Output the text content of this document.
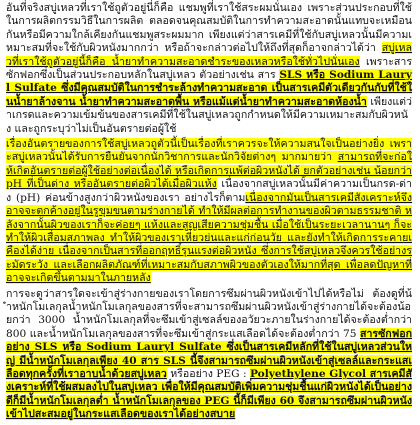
อันที่จริงสบู่เหลวที่เราใช้ถูตัวอยู่นี่ก็คือ แชมพูที่เราใช้สระผมนั่นเอง เพราะส่วนประกอบที่ใช้ในการผลิตกรรมวิธีในการผลิต ตลอดจนคุณสมบัติในการทำความสะอาดนั้นแทบจะเหมือนกันหรือมีความใกล้เคียงกันแชมพูสระผมมาก เพียงแต่ว่าสารเคมีที่ใช้กับสบู่เหลวนั้นมีความเหมาะสมที่จะใช้กับผิวหนังมากกว่า หรือถ้าจะกล่าวต่อไปให้ถึงที่สุดก็อาจกล่าวได้ว่า สบู่เหลวที่เราใช้ถูตัวอยู่นี้ก็คือ น้ำยาทำความสะอาดชำระของเหลวหรือใช้ทั่วไปนั่นเอง เพราะสารซักฟอกซึ่งเป็นส่วนประกอบหลักในสบู่เหลว ตัวอย่างเช่น สาร SLS หรือ Sodium Lauryl Sulfate ซึ่งมีคุณสมบัติในการชำระล้างทำความสะอาด เป็นสารเคมีตัวเดียวกันกับที่ใช้ในน้ำยาล้างจาน น้ำยาทำความสะอาดพื้น หรือแม้แต่น้ำยาทำความสะอาดห้องน้ำ เพียงแต่ว่าเกรดและความเข้มข้นของสารเคมีที่ใช้ในสบู่เหลวถูกกำหนดให้มีความเหมาะสมกับผิวหนัง และถูกระบุว่าไม่เป็นอันตรายต่อผู้ใช้

เรื่องอันตรายของการใช้สบู่เหลวถูตัวนี้เป็นเรื่องที่เราควรจะให้ความสนใจเป็นอย่างยิ่ง เพราะสบู่เหลวนั้นได้รับการยืนยันจากนักวิชาการและนักวิจัยต่างๆ มากมายว่า สามารถที่จะก่อให้เกิดอันตรายต่อผู้ใช้อย่างต่อเนื่องได้ หรือเกิดการแพ้ต่อผิวหนังได้ ยกตัวอย่างเช่น น้อยกว่า pH ที่เป็นด่าง หรืออันตรายต่อผิวได้เมื่อผิวแห้ง เนื่องจากสบู่เหลวนั้นมีค่าความเป็นกรด-ด่าง (pH) ค่อนข้างสูงกว่าผิวหนังของเรา อย่างไรก็ตามเนื่องจากมันเป็นสารเคมีสังเคราะห์จึงอาจจะตกค้างอยู่ในรูขุมขนตามร่างกายได้ ทำให้มีผลต่อการทำงานของผิวตามธรรมชาติ หลังจากนั้นผิวของเราก็จะค่อยๆ แห้งและสูญเสียความชุ่มชื้น เมื่อใช้เป็นระยะเวลานานๆ ก็จะทำให้ผิวเสื่อมสภาพลง ทำให้ผิวของเราเหี่ยวย่นและแก่ก่อนวัย และยังทำให้เกิดการระคายเคืองได้ง่าย เนื่องจากเป็นสารที่ออกฤทธิ์รุนแรงต่อผิวหนัง ซึ่งการใช้สบู่เหลวจึงควรใช้อย่างระมัดระวัง และเลือกผลิตภัณฑ์ที่เหมาะสมกับสภาพผิวของตัวเองให้มากที่สุด เพื่อลดปัญหาที่อาจจะเกิดขึ้นตามมาในภายหลัง

การจะดูว่าสารใดจะเข้าสู่ร่างกายของเราโดยการซึมผ่านผิวหนังเข้าไปได้หรือไม่ ต้องดูที่น้ำหนักโมเลกุลน้ำหนักโมเลกุลของสารที่จะสามารถซึมผ่านผิวหนังเข้าสู่ร่างกายได้จะต้องน้อยกว่า 3000 น้ำหนักโมเลกุลที่จะซึมเข้าสู่เซลล์ของอวัยวะภายในร่างกายได้จะต้องต่ำกว่า 800 และน้ำหนักโมเลกุลของสารที่จะซึมเข้าสู่กระแสเลือดได้จะต้องต่ำกว่า 75 สารซักฟอกอย่าง SLS หรือ Sodium Lauryl Sulfate ซึ่งเป็นสารเคมีหลักที่ใช้ในสบู่เหลวส่วนใหญ่ มีน้ำหนักโมเลกุลเพียง 40 สาร SLS นี้จึงสามารถซึมผ่านผิวหนังเข้าสู่เซลล์และกระแสเลือดทุกครั้งที่เราอาบน้ำด้วยสบู่เหลว หรืออย่าง PEG : Polyethylene Glycol สารเคมีสังเคราะห์ที่ใช้ผสมลงไปในสบู่เหลว เพื่อให้มีคุณสมบัติเพิ่มความชุ่มชื้นแก่ผิวหนังได้เป็นอย่างดีก็มีน้ำหนักโมเลกุลต่ำ น้ำหนักโมเลกุลของ PEG นี้ก็มีเพียง 60 จึงสามารถซึมผ่านผิวหนังเข้าไปสะสมอยู่ในกระแสเลือดของเราได้อย่างสบาย
